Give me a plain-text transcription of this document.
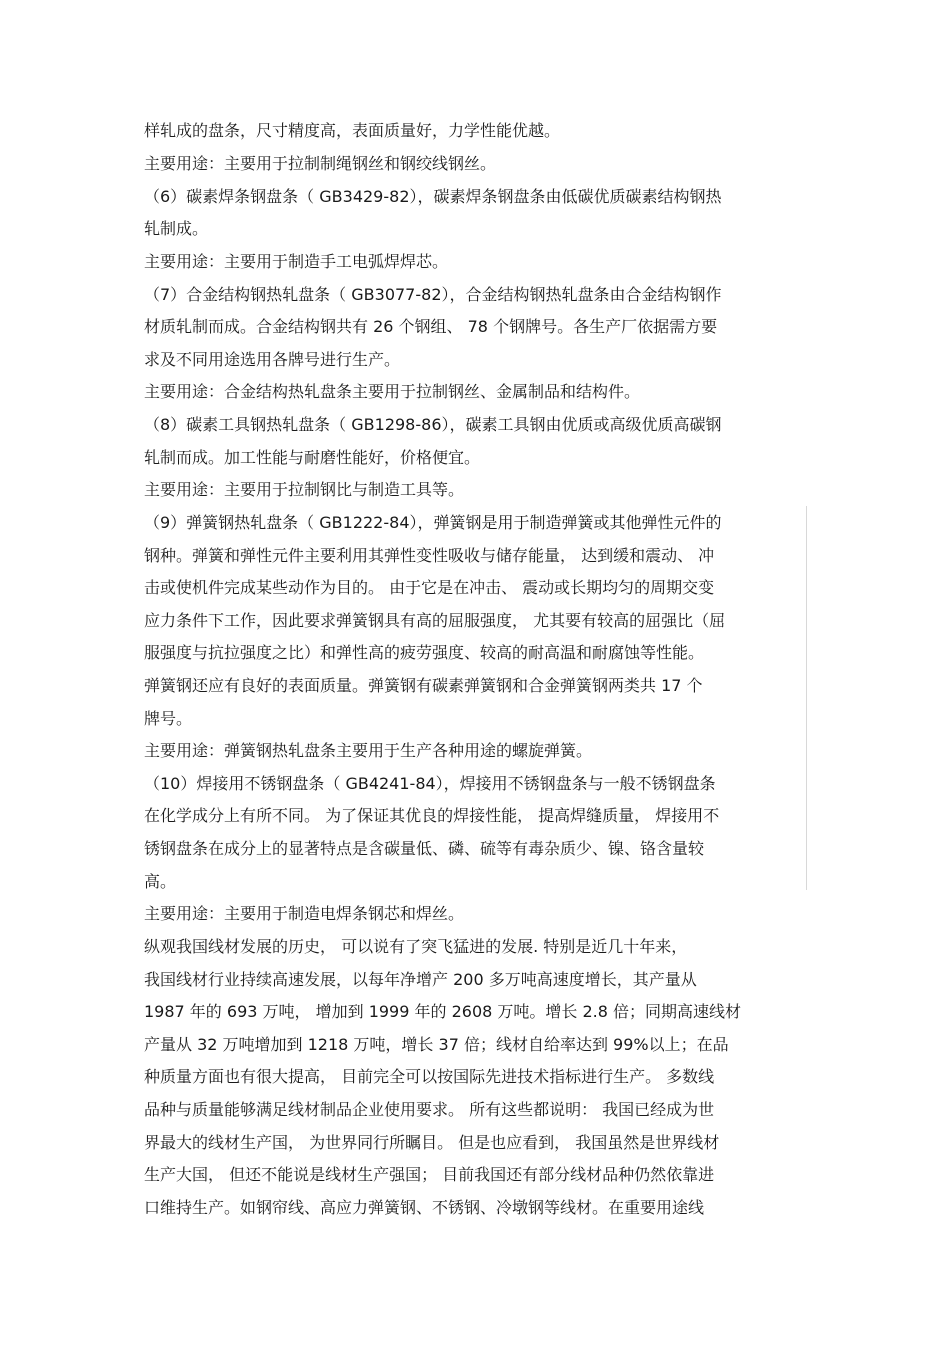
样轧成的盘条，尺寸精度高，表面质量好，力学性能优越。
主要用途：主要用于拉制制绳钢丝和钢绞线钢丝。
（6）碳素焊条钢盘条（ GB3429-82），碳素焊条钢盘条由低碳优质碳素结构钢热
轧制成。
主要用途：主要用于制造手工电弧焊焊芯。
（7）合金结构钢热轧盘条（ GB3077-82），合金结构钢热轧盘条由合金结构钢作
材质轧制而成。合金结构钢共有 26 个钢组、 78 个钢牌号。各生产厂依据需方要
求及不同用途选用各牌号进行生产。
主要用途：合金结构热轧盘条主要用于拉制钢丝、金属制品和结构件。
（8）碳素工具钢热轧盘条（ GB1298-86），碳素工具钢由优质或高级优质高碳钢
轧制而成。加工性能与耐磨性能好，价格便宜。
主要用途：主要用于拉制钢比与制造工具等。
（9）弹簧钢热轧盘条（ GB1222-84），弹簧钢是用于制造弹簧或其他弹性元件的
钢种。弹簧和弹性元件主要利用其弹性变性吸收与储存能量， 达到缓和震动、 冲
击或使机件完成某些动作为目的。 由于它是在冲击、 震动或长期均匀的周期交变
应力条件下工作，因此要求弹簧钢具有高的屈服强度， 尤其要有较高的屈强比（屈
服强度与抗拉强度之比）和弹性高的疲劳强度、较高的耐高温和耐腐蚀等性能。
弹簧钢还应有良好的表面质量。弹簧钢有碳素弹簧钢和合金弹簧钢两类共 17 个
牌号。
主要用途：弹簧钢热轧盘条主要用于生产各种用途的螺旋弹簧。
（10）焊接用不锈钢盘条（ GB4241-84），焊接用不锈钢盘条与一般不锈钢盘条
在化学成分上有所不同。 为了保证其优良的焊接性能， 提高焊缝质量， 焊接用不
锈钢盘条在成分上的显著特点是含碳量低、磷、硫等有毒杂质少、镍、铬含量较
高。
主要用途：主要用于制造电焊条钢芯和焊丝。
纵观我国线材发展的历史， 可以说有了突飞猛进的发展. 特别是近几十年来，
我国线材行业持续高速发展，以每年净增产 200 多万吨高速度增长，其产量从
1987 年的 693 万吨， 增加到 1999 年的 2608 万吨。增长 2.8 倍；同期高速线材
产量从 32 万吨增加到 1218 万吨，增长 37 倍；线材自给率达到 99%以上；在品
种质量方面也有很大提高， 目前完全可以按国际先进技术指标进行生产。 多数线
品种与质量能够满足线材制品企业使用要求。 所有这些都说明： 我国已经成为世
界最大的线材生产国， 为世界同行所瞩目。 但是也应看到， 我国虽然是世界线材
生产大国， 但还不能说是线材生产强国； 目前我国还有部分线材品种仍然依靠进
口维持生产。如钢帘线、高应力弹簧钢、不锈钢、冷墩钢等线材。在重要用途线
